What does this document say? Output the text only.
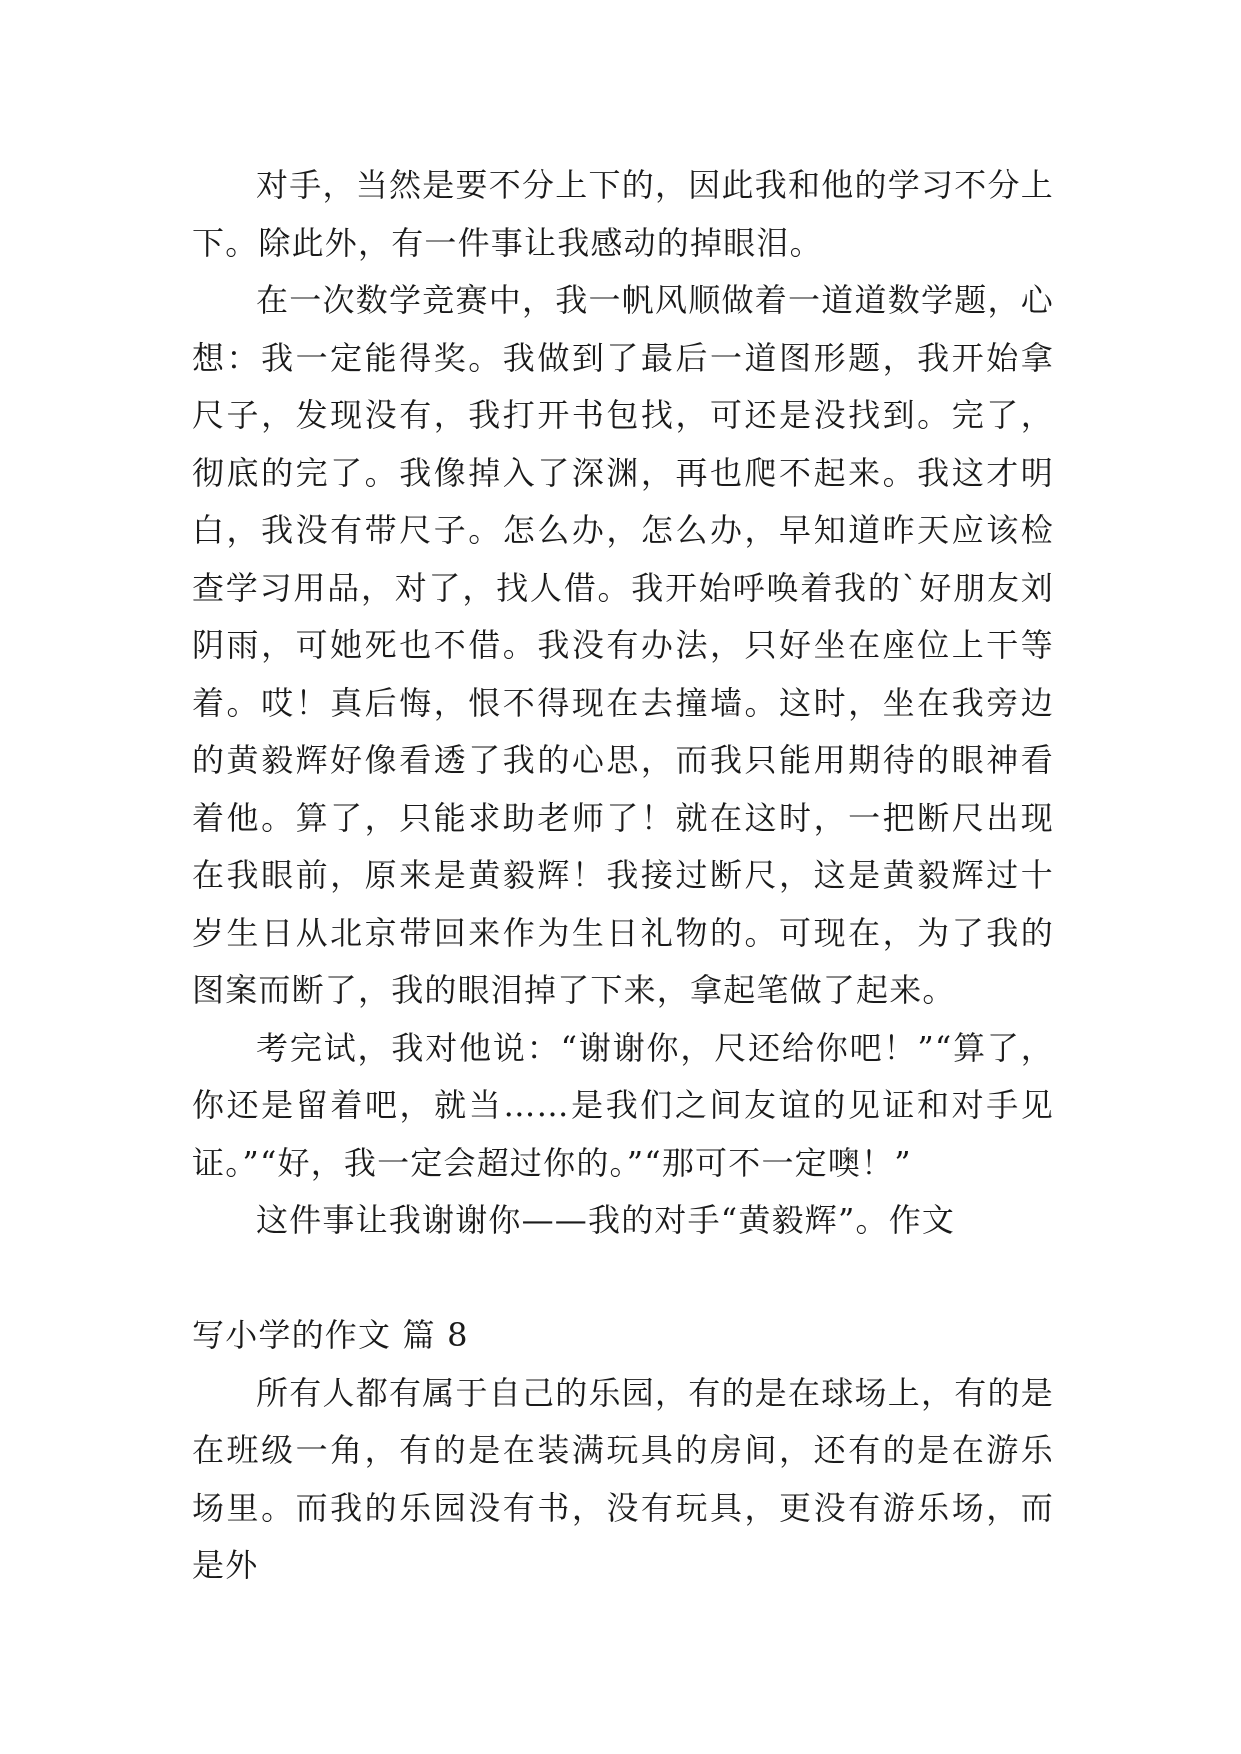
对手，当然是要不分上下的，因此我和他的学习不分上下。除此外，有一件事让我感动的掉眼泪。

在一次数学竞赛中，我一帆风顺做着一道道数学题，心想：我一定能得奖。我做到了最后一道图形题，我开始拿尺子，发现没有，我打开书包找，可还是没找到。完了，彻底的完了。我像掉入了深渊，再也爬不起来。我这才明白，我没有带尺子。怎么办，怎么办，早知道昨天应该检查学习用品，对了，找人借。我开始呼唤着我的`好朋友刘阴雨，可她死也不借。我没有办法，只好坐在座位上干等着。哎！真后悔，恨不得现在去撞墙。这时，坐在我旁边的黄毅辉好像看透了我的心思，而我只能用期待的眼神看着他。算了，只能求助老师了！就在这时，一把断尺出现在我眼前，原来是黄毅辉！我接过断尺，这是黄毅辉过十岁生日从北京带回来作为生日礼物的。可现在，为了我的图案而断了，我的眼泪掉了下来，拿起笔做了起来。

考完试，我对他说：“谢谢你，尺还给你吧！”“算了，你还是留着吧，就当……是我们之间友谊的见证和对手见证。”“好，我一定会超过你的。”“那可不一定噢！”

这件事让我谢谢你——我的对手“黄毅辉”。作文

写小学的作文 篇 8

所有人都有属于自己的乐园，有的是在球场上，有的是在班级一角，有的是在装满玩具的房间，还有的是在游乐场里。而我的乐园没有书，没有玩具，更没有游乐场，而是外
